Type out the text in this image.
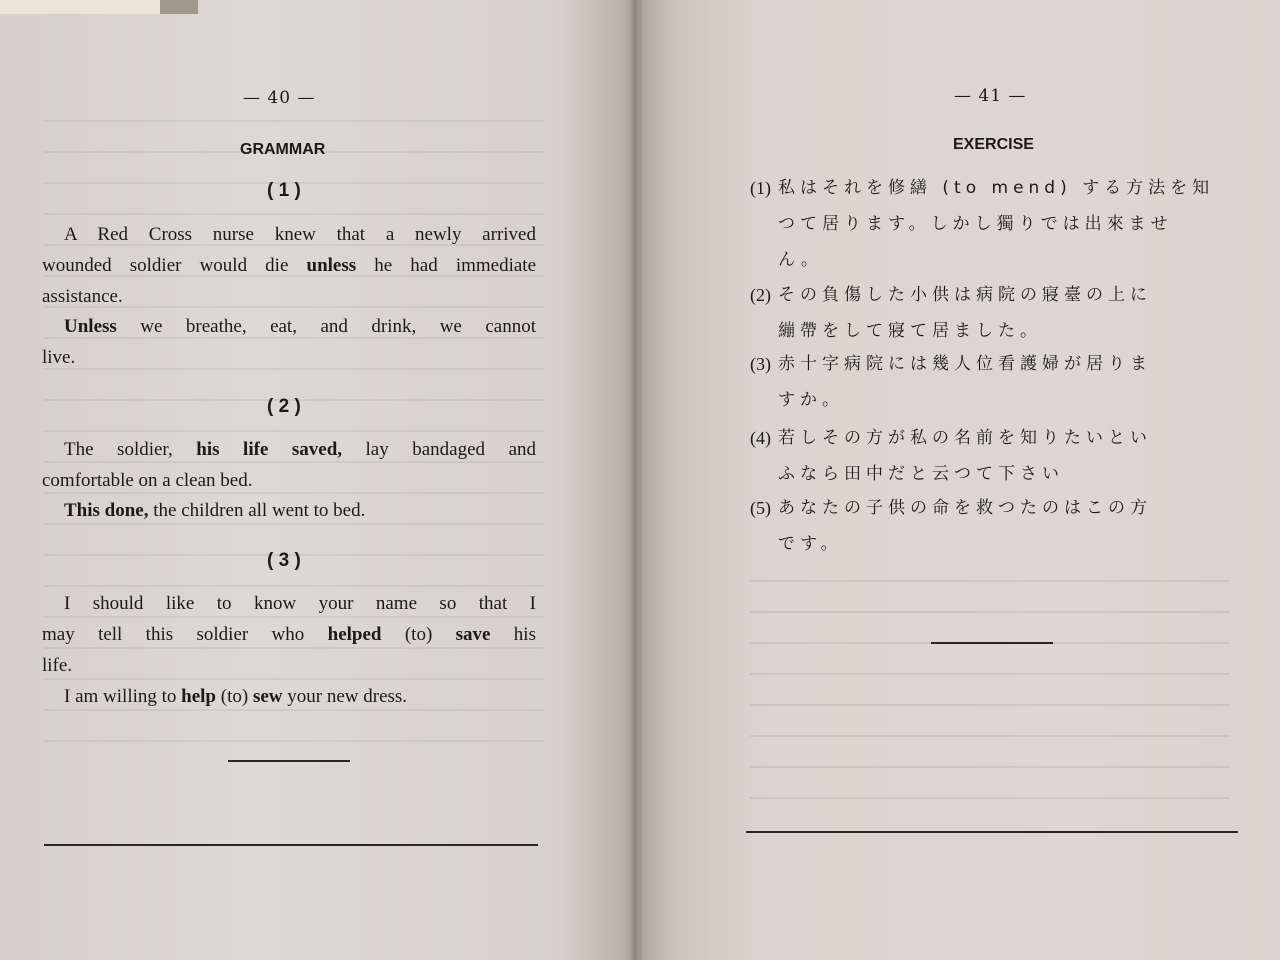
— 40 —
GRAMMAR
( 1 )
A Red Cross nurse knew that a newly arrived
wounded soldier would die unless he had immediate
assistance.
Unless we breathe, eat, and drink, we cannot
live.
( 2 )
The soldier, his life saved, lay bandaged and
comfortable on a clean bed.
This done, the children all went to bed.
( 3 )
I should like to know your name so that I
may tell this soldier who helped (to) save his
life.
I am willing to help (to) sew your new dress.
— 41 —
EXERCISE
(1) 私はそれを修繕 (to mend) する方法を知
つて居ります。しかし獨りでは出來ませ
ん。
(2) その負傷した小供は病院の寢臺の上に
繃帶をして寢て居ました。
(3) 赤十字病院には幾人位看護婦が居りま
すか。
(4) 若しその方が私の名前を知りたいとい
ふなら田中だと云つて下さい
(5) あなたの子供の命を救つたのはこの方
です。
